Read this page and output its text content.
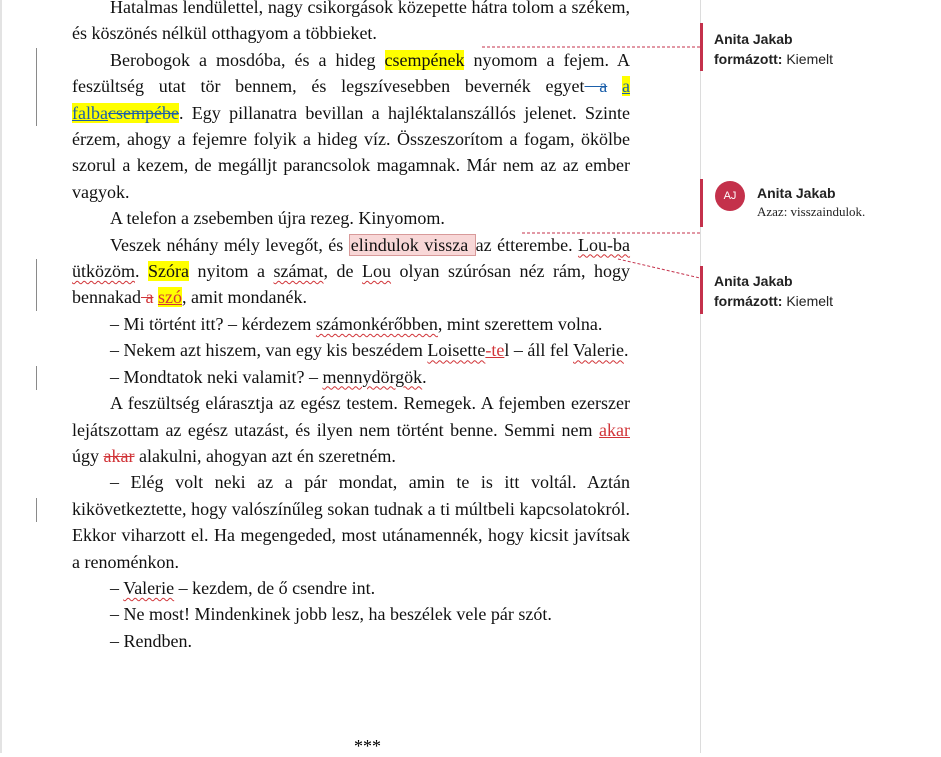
Hatalmas lendülettel, nagy csikorgások közepette hátra tolom a székem, és köszönés nélkül otthagyom a többieket.

Berobogok a mosdóba, és a hideg csempének nyomom a fejem. A feszültség utat tör bennem, és legszívesebben bevernék egyet a a falbacsempébe. Egy pillanatra bevillan a hajléktalanszállós jelenet. Szinte érzem, ahogy a fejemre folyik a hideg víz. Összeszorítom a fogam, ökölbe szorul a kezem, de megálljt parancsolok magamnak. Már nem az az ember vagyok.

A telefon a zsebemben újra rezeg. Kinyomom.

Veszek néhány mély levegőt, és elindulok vissza az étterembe. Lou-ba ütközöm. Szóra nyitom a számat, de Lou olyan szúrósan néz rám, hogy bennakad a szó, amit mondanék.

– Mi történt itt? – kérdezem számonkérőbben, mint szerettem volna.

– Nekem azt hiszem, van egy kis beszédem Loisette-tel – áll fel Valerie.

– Mondtatok neki valamit? – mennydörgök.

A feszültség elárasztja az egész testem. Remegek. A fejemben ezerszer lejátszottam az egész utazást, és ilyen nem történt benne. Semmi nem akar úgy akar alakulni, ahogyan azt én szeretném.

– Elég volt neki az a pár mondat, amin te is itt voltál. Aztán kikövetkeztette, hogy valószínűleg sokan tudnak a ti múltbeli kapcsolatokról. Ekkor viharzott el. Ha megengeded, most utánamennék, hogy kicsit javítsak a renoménkon.

– Valerie – kezdem, de ő csendre int.

– Ne most! Mindenkinek jobb lesz, ha beszélek vele pár szót.

– Rendben.

***
Anita Jakab
formázott: Kiemelt
AJ	Anita Jakab
Azaz: visszaindulok.
Anita Jakab
formázott: Kiemelt
